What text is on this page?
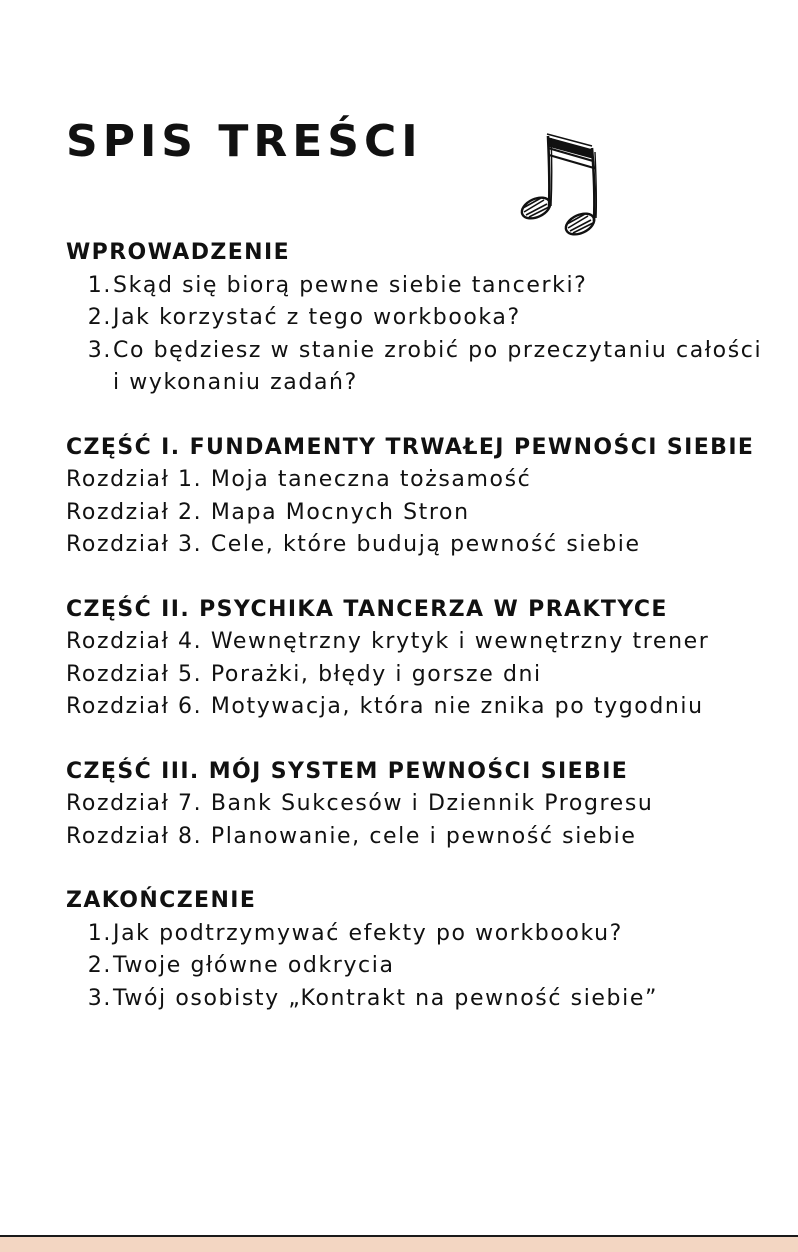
SPIS TREŚCI

WPROWADZENIE

1. Skąd się biorą pewne siebie tancerki?
2. Jak korzystać z tego workbooka?
3. Co będziesz w stanie zrobić po przeczytaniu całości i wykonaniu zadań?

CZĘŚĆ I. FUNDAMENTY TRWAŁEJ PEWNOŚCI SIEBIE

Rozdział 1. Moja taneczna tożsamość

Rozdział 2. Mapa Mocnych Stron

Rozdział 3. Cele, które budują pewność siebie

CZĘŚĆ II. PSYCHIKA TANCERZA W PRAKTYCE

Rozdział 4. Wewnętrzny krytyk i wewnętrzny trener

Rozdział 5. Porażki, błędy i gorsze dni

Rozdział 6. Motywacja, która nie znika po tygodniu

CZĘŚĆ III. MÓJ SYSTEM PEWNOŚCI SIEBIE

Rozdział 7. Bank Sukcesów i Dziennik Progresu

Rozdział 8. Planowanie, cele i pewność siebie

ZAKOŃCZENIE

1. Jak podtrzymywać efekty po workbooku?
2. Twoje główne odkrycia
3. Twój osobisty „Kontrakt na pewność siebie”
